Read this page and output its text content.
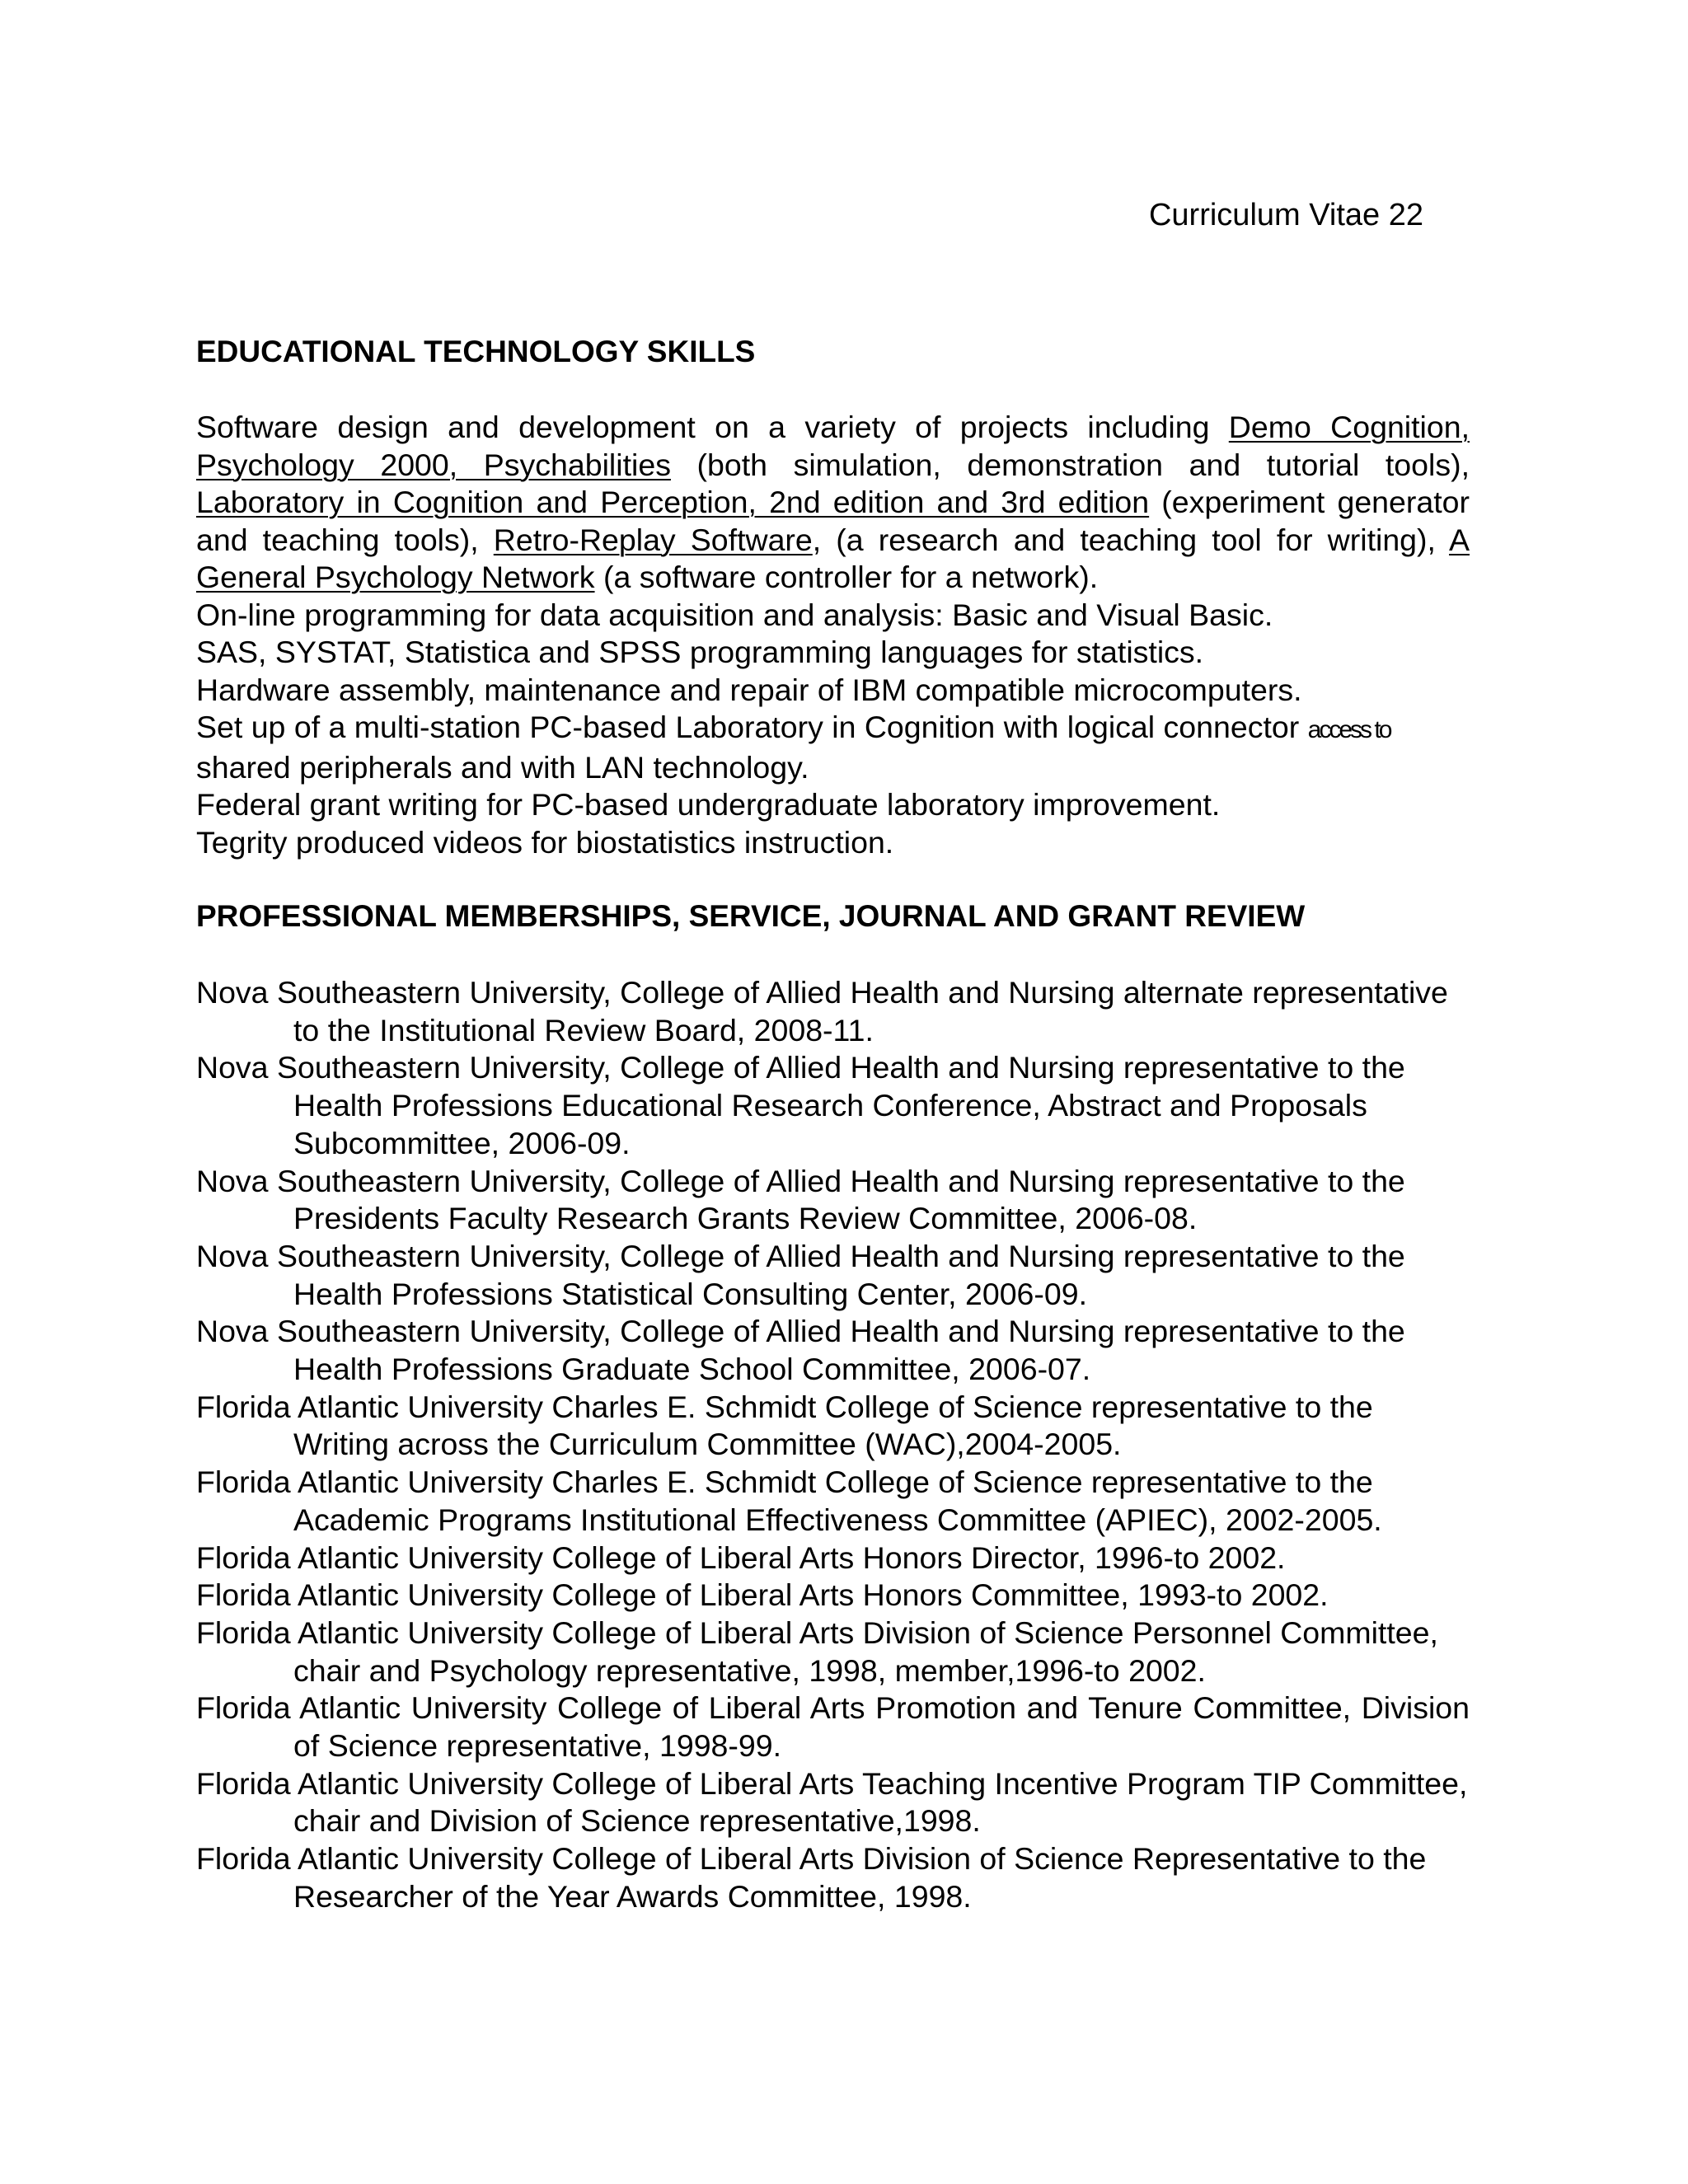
Curriculum Vitae 22
EDUCATIONAL TECHNOLOGY SKILLS

Software design and development on a variety of projects including Demo Cognition, Psychology 2000, Psychabilities (both simulation, demonstration and tutorial tools), Laboratory in Cognition and Perception, 2nd edition and 3rd edition (experiment generator and teaching tools), Retro-Replay Software, (a research and teaching tool for writing), A General Psychology Network (a software controller for a network).

On-line programming for data acquisition and analysis: Basic and Visual Basic.

SAS, SYSTAT, Statistica and SPSS programming languages for statistics.

Hardware assembly, maintenance and repair of IBM compatible microcomputers.

Set up of a multi-station PC-based Laboratory in Cognition with logical connector access to

shared peripherals and with LAN technology.

Federal grant writing for PC-based undergraduate laboratory improvement.

Tegrity produced videos for biostatistics instruction.

PROFESSIONAL MEMBERSHIPS, SERVICE, JOURNAL AND GRANT REVIEW

Nova Southeastern University, College of Allied Health and Nursing alternate representative to the Institutional Review Board, 2008-11.

Nova Southeastern University, College of Allied Health and Nursing representative to the Health Professions Educational Research Conference, Abstract and Proposals Subcommittee, 2006-09.

Nova Southeastern University, College of Allied Health and Nursing representative to the Presidents Faculty Research Grants Review Committee, 2006-08.

Nova Southeastern University, College of Allied Health and Nursing representative to the Health Professions Statistical Consulting Center, 2006-09.

Nova Southeastern University, College of Allied Health and Nursing representative to the Health Professions Graduate School Committee, 2006-07.

Florida Atlantic University Charles E. Schmidt College of Science representative to the Writing across the Curriculum Committee (WAC),2004-2005.

Florida Atlantic University Charles E. Schmidt College of Science representative to the Academic Programs Institutional Effectiveness Committee (APIEC), 2002-2005.

Florida Atlantic University College of Liberal Arts Honors Director, 1996-to 2002.

Florida Atlantic University College of Liberal Arts Honors Committee, 1993-to 2002.

Florida Atlantic University College of Liberal Arts Division of Science Personnel Committee, chair and Psychology representative, 1998, member,1996-to 2002.

Florida Atlantic University College of Liberal Arts Promotion and Tenure Committee, Division of Science representative, 1998-99.

Florida Atlantic University College of Liberal Arts Teaching Incentive Program TIP Committee, chair and Division of Science representative,1998.

Florida Atlantic University College of Liberal Arts Division of Science Representative to the Researcher of the Year Awards Committee, 1998.
